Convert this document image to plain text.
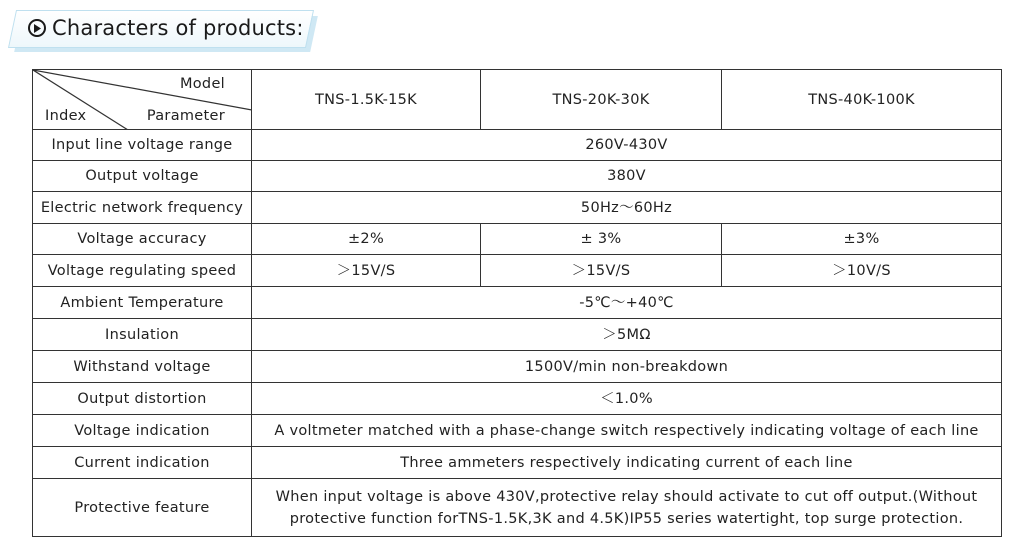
Characters of products:
Model
Parameter
Index	TNS-1.5K-15K	TNS-20K-30K	TNS-40K-100K
Input line voltage range	260V-430V		
Output voltage	380V		
Electric network frequency	50Hz～60Hz		
Voltage accuracy	±2%	± 3%	±3%
Voltage regulating speed	＞15V/S	＞15V/S	＞10V/S
Ambient Temperature	-5℃～+40℃		
Insulation	＞5MΩ		
Withstand voltage	1500V/min non-breakdown		
Output distortion	＜1.0%		
Voltage indication	A voltmeter matched with a phase-change switch respectively indicating voltage of each line		
Current indication	Three ammeters respectively indicating current of each line		
Protective feature	When input voltage is above 430V,protective relay should activate to cut off output.(Without protective function forTNS-1.5K,3K and 4.5K)IP55 series watertight, top surge protection.		
